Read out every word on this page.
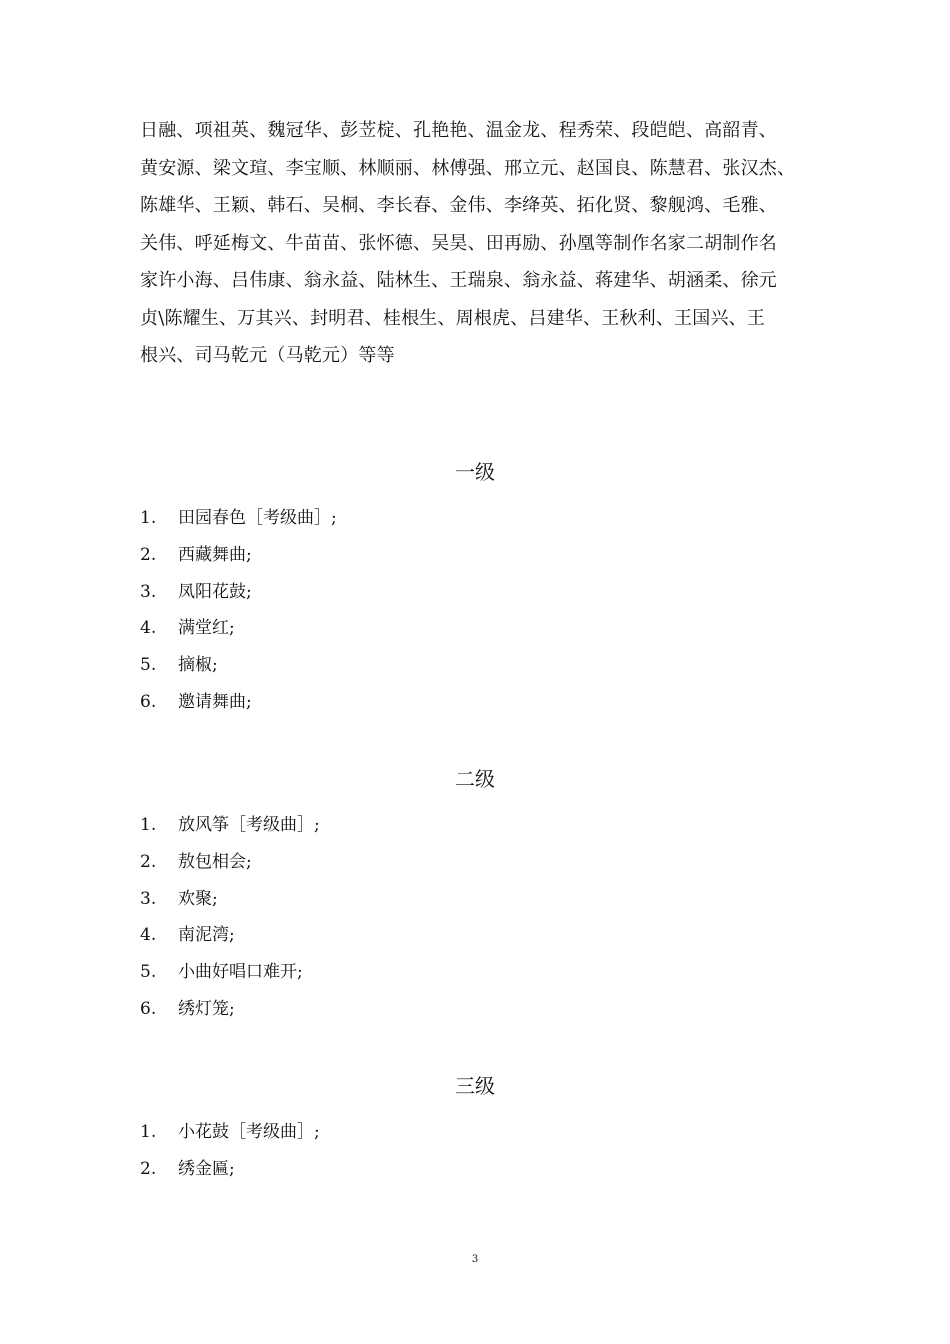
日融、项祖英、魏冠华、彭苙椗、孔艳艳、温金龙、程秀荣、段皑皑、高韶青、
黄安源、梁文瑄、李宝顺、林顺丽、林傅强、邢立元、赵国良、陈慧君、张汉杰、
陈雄华、王颖、韩石、吴桐、李长春、金伟、李绛英、拓化贤、黎舰鸿、毛雅、
关伟、呼延梅文、牛苗苗、张怀德、吴昊、田再励、孙凰等制作名家二胡制作名
家许小海、吕伟康、翁永益、陆林生、王瑞泉、翁永益、蒋建华、胡涵柔、徐元
贞\陈耀生、万其兴、封明君、桂根生、周根虎、吕建华、王秋利、王国兴、王
根兴、司马乾元（马乾元）等等
一级
1. 田园春色［考级曲］;
2. 西藏舞曲;
3. 凤阳花鼓;
4. 满堂红;
5. 摘椒;
6. 邀请舞曲;
二级
1. 放风筝［考级曲］;
2. 敖包相会;
3. 欢聚;
4. 南泥湾;
5. 小曲好唱口难开;
6. 绣灯笼;
三级
1. 小花鼓［考级曲］;
2. 绣金匾;
3
